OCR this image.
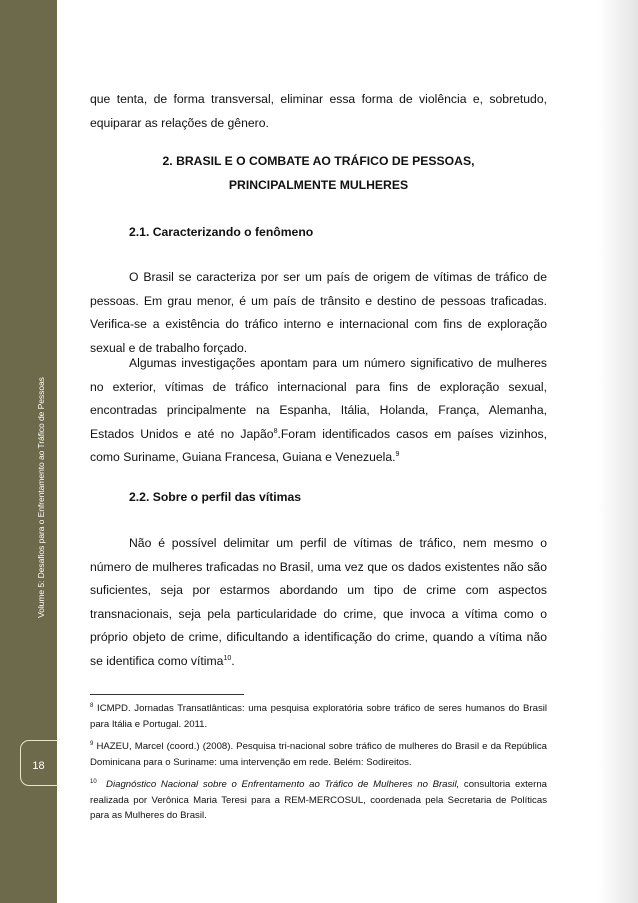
Volume 5: Desafios para o Enfrentamento ao Tráfico de Pessoas
18

que tenta, de forma transversal, eliminar essa forma de violência e, sobretudo, equiparar as relações de gênero.

2. BRASIL E O COMBATE AO TRÁFICO DE PESSOAS,
PRINCIPALMENTE MULHERES

2.1. Caracterizando o fenômeno

O Brasil se caracteriza por ser um país de origem de vítimas de tráfico de pessoas. Em grau menor, é um país de trânsito e destino de pessoas traficadas. Verifica-se a existência do tráfico interno e internacional com fins de exploração sexual e de trabalho forçado.

Algumas investigações apontam para um número significativo de mulheres no exterior, vítimas de tráfico internacional para fins de exploração sexual, encontradas principalmente na Espanha, Itália, Holanda, França, Alemanha, Estados Unidos e até no Japão$^8$.Foram identificados casos em países vizinhos, como Suriname, Guiana Francesa, Guiana e Venezuela.$^9$

2.2. Sobre o perfil das vítimas

Não é possível delimitar um perfil de vítimas de tráfico, nem mesmo o número de mulheres traficadas no Brasil, uma vez que os dados existentes não são suficientes, seja por estarmos abordando um tipo de crime com aspectos transnacionais, seja pela particularidade do crime, que invoca a vítima como o próprio objeto de crime, dificultando a identificação do crime, quando a vítima não se identifica como vítima$^{10}$.

$^8$ ICMPD. Jornadas Transatlânticas: uma pesquisa exploratória sobre tráfico de seres humanos do Brasil para Itália e Portugal. 2011.
$^9$ HAZEU, Marcel (coord.) (2008). Pesquisa tri-nacional sobre tráfico de mulheres do Brasil e da República Dominicana para o Suriname: uma intervenção em rede. Belém: Sodireitos.
$^{10}$ Diagnóstico Nacional sobre o Enfrentamento ao Tráfico de Mulheres no Brasil, consultoria externa realizada por Verônica Maria Teresi para a REM-MERCOSUL, coordenada pela Secretaria de Políticas para as Mulheres do Brasil.
